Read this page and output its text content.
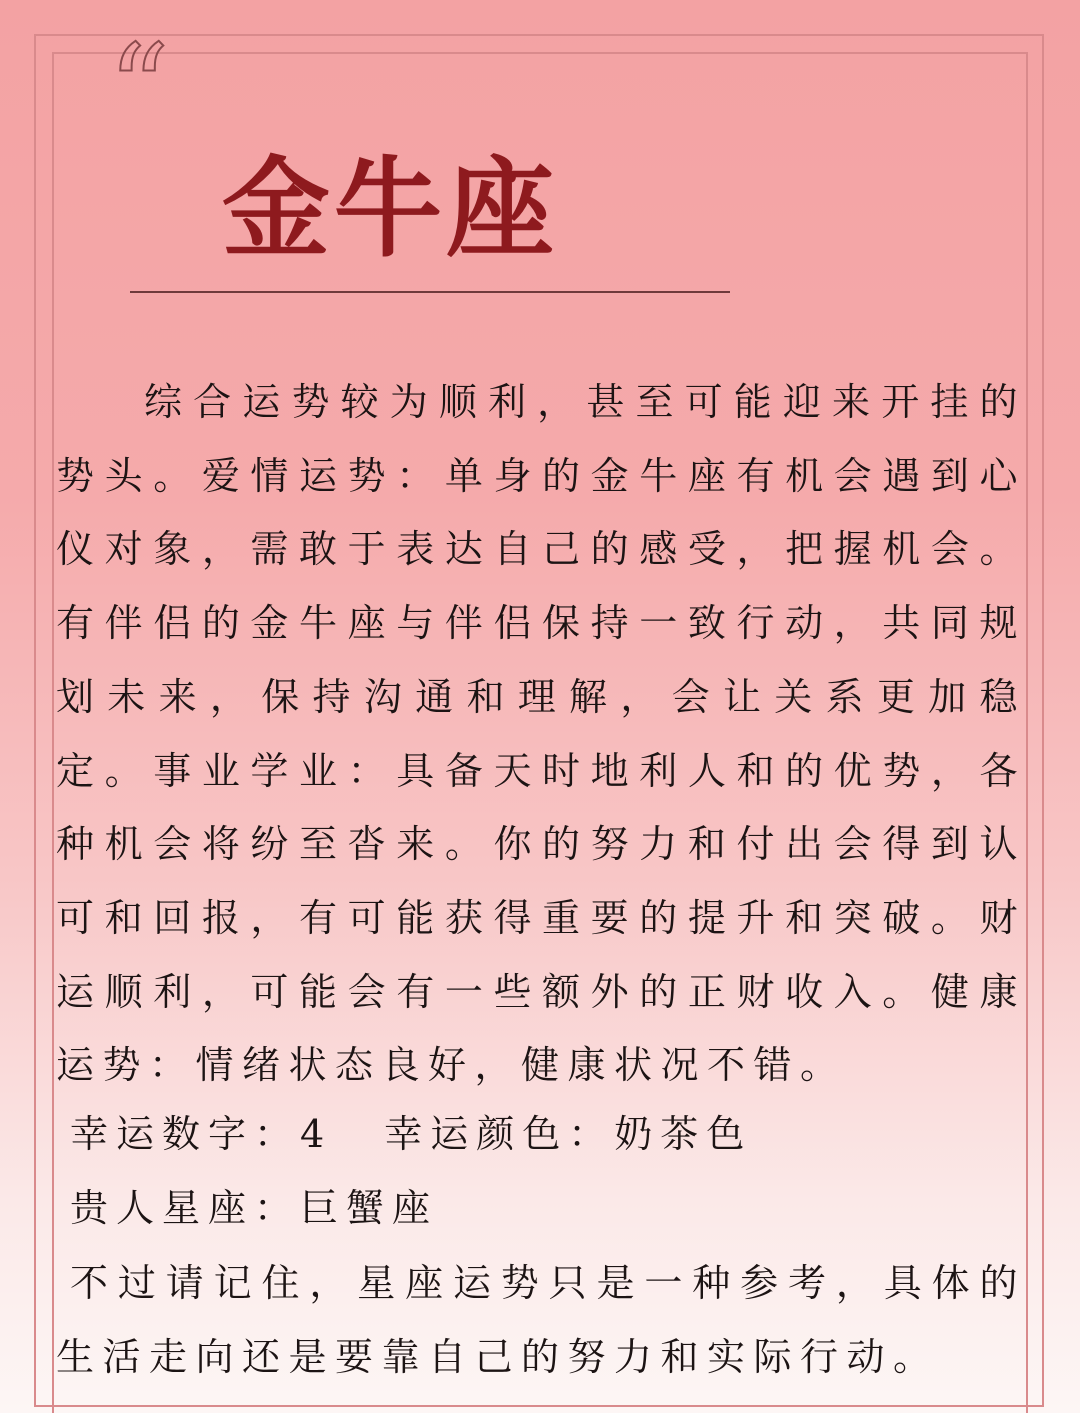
“
金牛座

综合运势较为顺利，甚至可能迎来开挂的势头。爱情运势：单身的金牛座有机会遇到心仪对象，需敢于表达自己的感受，把握机会。有伴侣的金牛座与伴侣保持一致行动，共同规划未来，保持沟通和理解，会让关系更加稳定。事业学业：具备天时地利人和的优势，各种机会将纷至沓来。你的努力和付出会得到认可和回报，有可能获得重要的提升和突破。财运顺利，可能会有一些额外的正财收入。健康运势：情绪状态良好，健康状况不错。

幸运数字：4 幸运颜色：奶茶色

贵人星座：巨蟹座

不过请记住，星座运势只是一种参考，具体的生活走向还是要靠自己的努力和实际行动。
